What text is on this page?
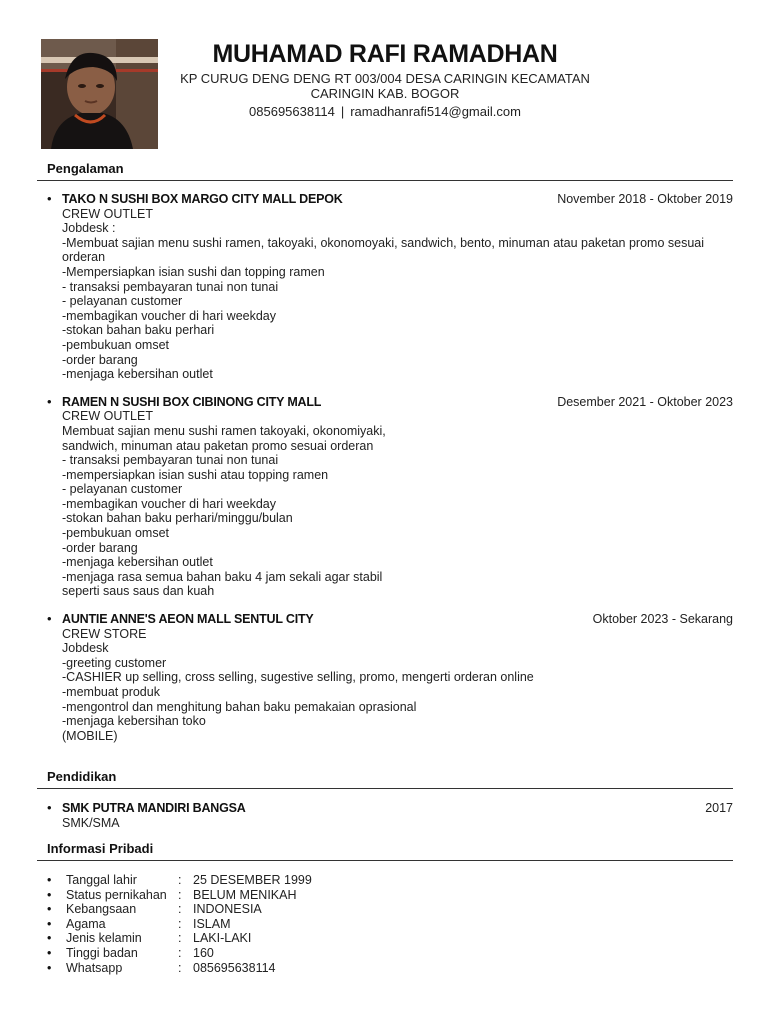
MUHAMAD RAFI RAMADHAN
KP CURUG DENG DENG RT 003/004 DESA CARINGIN KECAMATAN CARINGIN KAB. BOGOR
085695638114 | ramadhanrafi514@gmail.com
Pengalaman
• TAKO N SUSHI BOX MARGO CITY MALL DEPOK	November 2018 - Oktober 2019
CREW OUTLET
Jobdesk :
-Membuat sajian menu sushi ramen, takoyaki, okonomoyaki, sandwich, bento, minuman atau paketan promo sesuai orderan
-Mempersiapkan isian sushi dan topping ramen
- transaksi pembayaran tunai non tunai
- pelayanan customer
-membagikan voucher di hari weekday
-stokan bahan baku perhari
-pembukuan omset
-order barang
-menjaga kebersihan outlet
• RAMEN N SUSHI BOX CIBINONG CITY MALL	Desember 2021 - Oktober 2023
CREW OUTLET
Membuat sajian menu sushi ramen takoyaki, okonomiyaki,
sandwich, minuman atau paketan promo sesuai orderan
- transaksi pembayaran tunai non tunai
-mempersiapkan isian sushi atau topping ramen
- pelayanan customer
-membagikan voucher di hari weekday
-stokan bahan baku perhari/minggu/bulan
-pembukuan omset
-order barang
-menjaga kebersihan outlet
-menjaga rasa semua bahan baku 4 jam sekali agar stabil
seperti saus saus dan kuah
• AUNTIE ANNE'S AEON MALL SENTUL CITY	Oktober 2023 - Sekarang
CREW STORE
Jobdesk
-greeting customer
-CASHIER up selling, cross selling, sugestive selling, promo, mengerti orderan online
-membuat produk
-mengontrol dan menghitung bahan baku pemakaian oprasional
-menjaga kebersihan toko
(MOBILE)
Pendidikan
• SMK PUTRA MANDIRI BANGSA	2017
SMK/SMA
Informasi Pribadi
• Tanggal lahir	: 25 DESEMBER 1999
• Status pernikahan : BELUM MENIKAH
• Kebangsaan	: INDONESIA
• Agama	: ISLAM
• Jenis kelamin	: LAKI-LAKI
• Tinggi badan	: 160
• Whatsapp	: 085695638114
